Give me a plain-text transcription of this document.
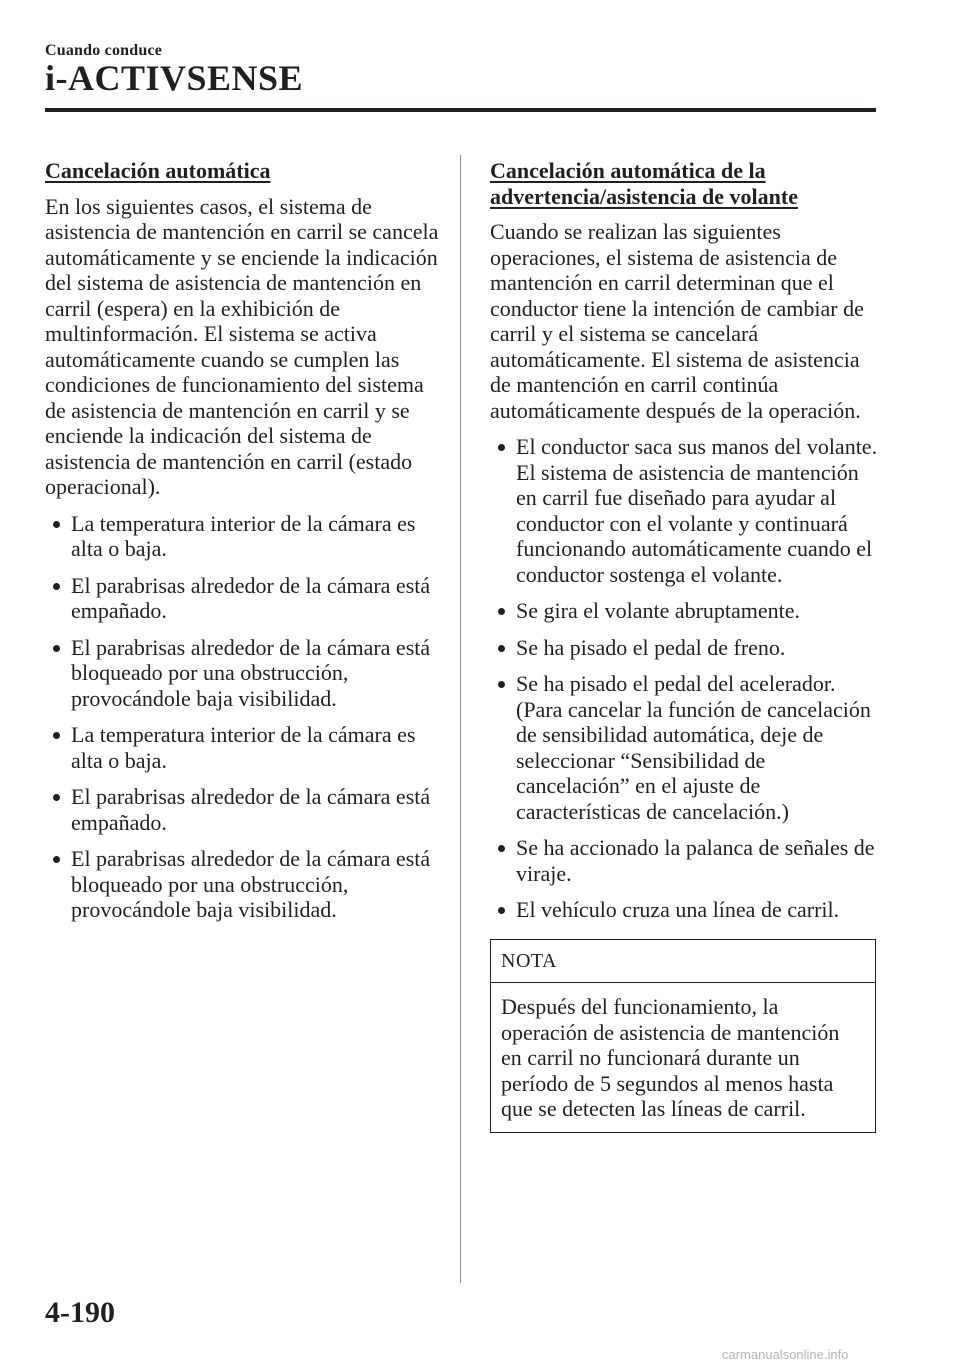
Cuando conduce
i-ACTIVSENSE
Cancelación automática
En los siguientes casos, el sistema de asistencia de mantención en carril se cancela automáticamente y se enciende la indicación del sistema de asistencia de mantención en carril (espera) en la exhibición de multinformación. El sistema se activa automáticamente cuando se cumplen las condiciones de funcionamiento del sistema de asistencia de mantención en carril y se enciende la indicación del sistema de asistencia de mantención en carril (estado operacional).
La temperatura interior de la cámara es alta o baja.
El parabrisas alrededor de la cámara está empañado.
El parabrisas alrededor de la cámara está bloqueado por una obstrucción, provocándole baja visibilidad.
La temperatura interior de la cámara es alta o baja.
El parabrisas alrededor de la cámara está empañado.
El parabrisas alrededor de la cámara está bloqueado por una obstrucción, provocándole baja visibilidad.
Cancelación automática de la advertencia/asistencia de volante
Cuando se realizan las siguientes operaciones, el sistema de asistencia de mantención en carril determinan que el conductor tiene la intención de cambiar de carril y el sistema se cancelará automáticamente. El sistema de asistencia de mantención en carril continúa automáticamente después de la operación.
El conductor saca sus manos del volante. El sistema de asistencia de mantención en carril fue diseñado para ayudar al conductor con el volante y continuará funcionando automáticamente cuando el conductor sostenga el volante.
Se gira el volante abruptamente.
Se ha pisado el pedal de freno.
Se ha pisado el pedal del acelerador. (Para cancelar la función de cancelación de sensibilidad automática, deje de seleccionar “Sensibilidad de cancelación” en el ajuste de características de cancelación.)
Se ha accionado la palanca de señales de viraje.
El vehículo cruza una línea de carril.
NOTA
Después del funcionamiento, la operación de asistencia de mantención en carril no funcionará durante un período de 5 segundos al menos hasta que se detecten las líneas de carril.
4-190
carmanualsonline.info
